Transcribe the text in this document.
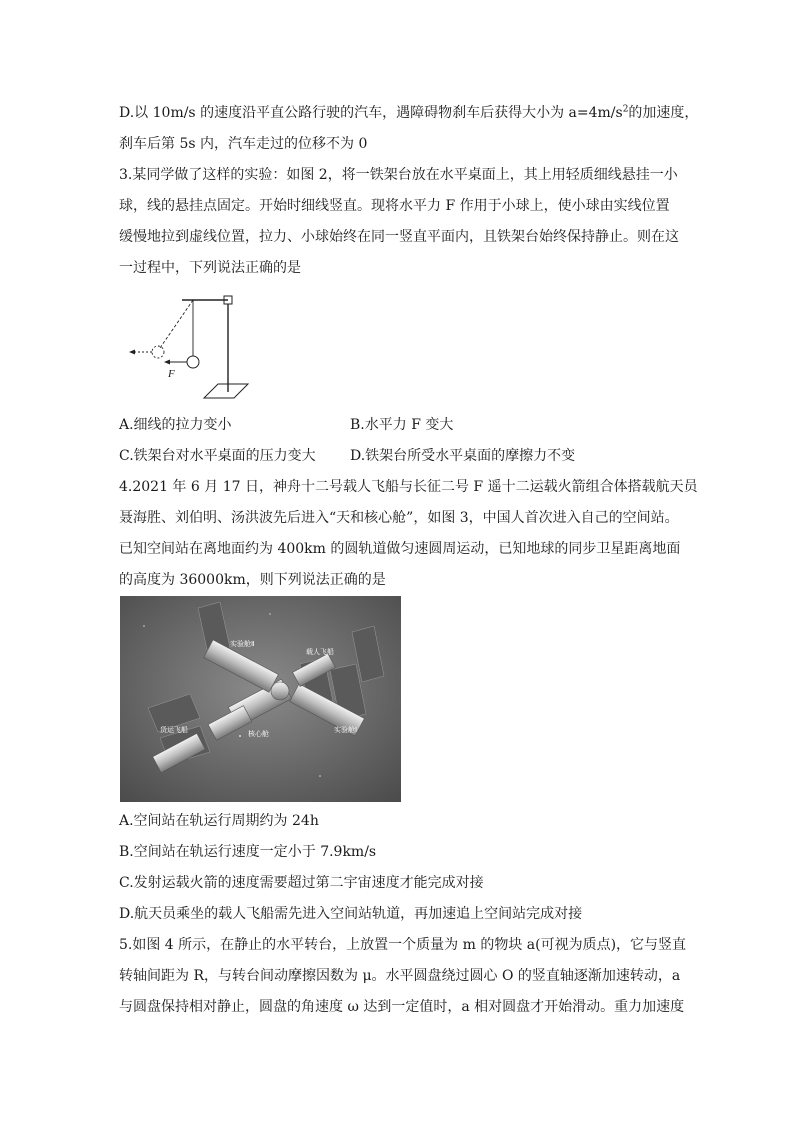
D.以 10m/s 的速度沿平直公路行驶的汽车，遇障碍物刹车后获得大小为 $a=4m/s^2$的加速度，
刹车后第 5s 内，汽车走过的位移不为 0
3.某同学做了这样的实验：如图 2，将一铁架台放在水平桌面上，其上用轻质细线悬挂一小
球，线的悬挂点固定。开始时细线竖直。现将水平力 F 作用于小球上，使小球由实线位置
缓慢地拉到虚线位置，拉力、小球始终在同一竖直平面内，且铁架台始终保持静止。则在这
一过程中，下列说法正确的是
F
A.细线的拉力变小	B.水平力 F 变大
C.铁架台对水平桌面的压力变大 D.铁架台所受水平桌面的摩擦力不变
4.2021 年 6 月 17 日，神舟十二号载人飞船与长征二号 F 遥十二运载火箭组合体搭载航天员
聂海胜、刘伯明、汤洪波先后进入“天和核心舱”，如图 3，中国人首次进入自己的空间站。
已知空间站在离地面约为 400km 的圆轨道做匀速圆周运动，已知地球的同步卫星距离地面
的高度为 36000km，则下列说法正确的是
实验舱Ⅱ
载人飞船
货运飞船	核心舱	实验舱Ⅰ
A.空间站在轨运行周期约为 24h
B.空间站在轨运行速度一定小于 7.9km/s
C.发射运载火箭的速度需要超过第二宇宙速度才能完成对接
D.航天员乘坐的载人飞船需先进入空间站轨道，再加速追上空间站完成对接
5.如图 4 所示，在静止的水平转台，上放置一个质量为 m 的物块 a(可视为质点)，它与竖直
转轴间距为 R，与转台间动摩擦因数为 μ。水平圆盘绕过圆心 O 的竖直轴逐渐加速转动，a
与圆盘保持相对静止，圆盘的角速度 ω 达到一定值时，a 相对圆盘才开始滑动。重力加速度
